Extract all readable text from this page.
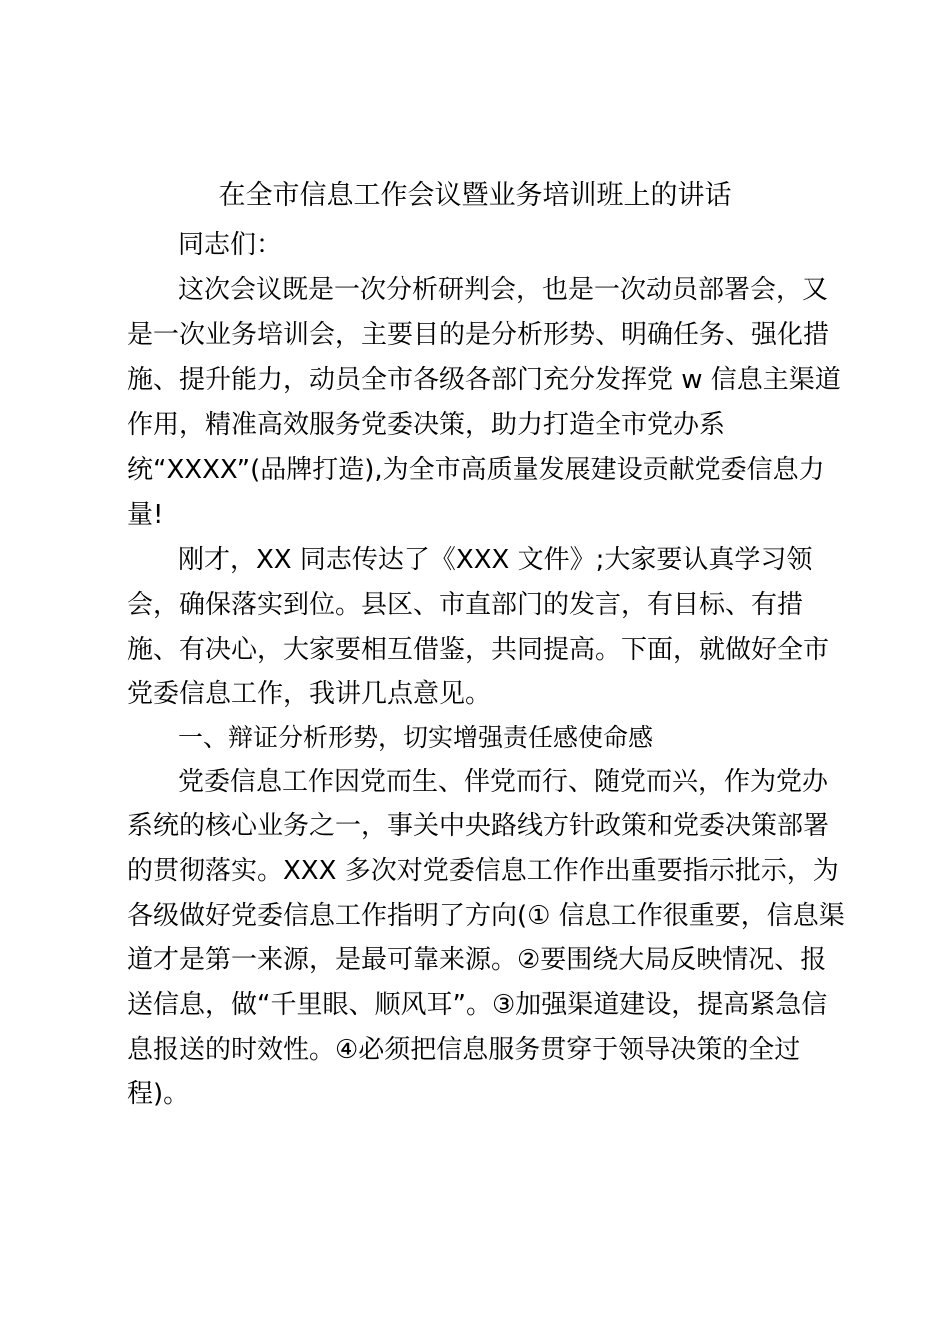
在全市信息工作会议暨业务培训班上的讲话
同志们：
这次会议既是一次分析研判会，也是一次动员部署会，又
是一次业务培训会，主要目的是分析形势、明确任务、强化措
施、提升能力，动员全市各级各部门充分发挥党 w 信息主渠道
作用，精准高效服务党委决策，助力打造全市党办系
统“XXXX”(品牌打造),为全市高质量发展建设贡献党委信息力
量!
刚才，XX 同志传达了《XXX 文件》;大家要认真学习领
会，确保落实到位。县区、市直部门的发言，有目标、有措
施、有决心，大家要相互借鉴，共同提高。下面，就做好全市
党委信息工作，我讲几点意见。
一、辩证分析形势，切实增强责任感使命感
党委信息工作因党而生、伴党而行、随党而兴，作为党办
系统的核心业务之一，事关中央路线方针政策和党委决策部署
的贯彻落实。XXX 多次对党委信息工作作出重要指示批示，为
各级做好党委信息工作指明了方向(① 信息工作很重要，信息渠
道才是第一来源，是最可靠来源。②要围绕大局反映情况、报
送信息，做“千里眼、顺风耳”。③加强渠道建设，提高紧急信
息报送的时效性。④必须把信息服务贯穿于领导决策的全过
程)。
